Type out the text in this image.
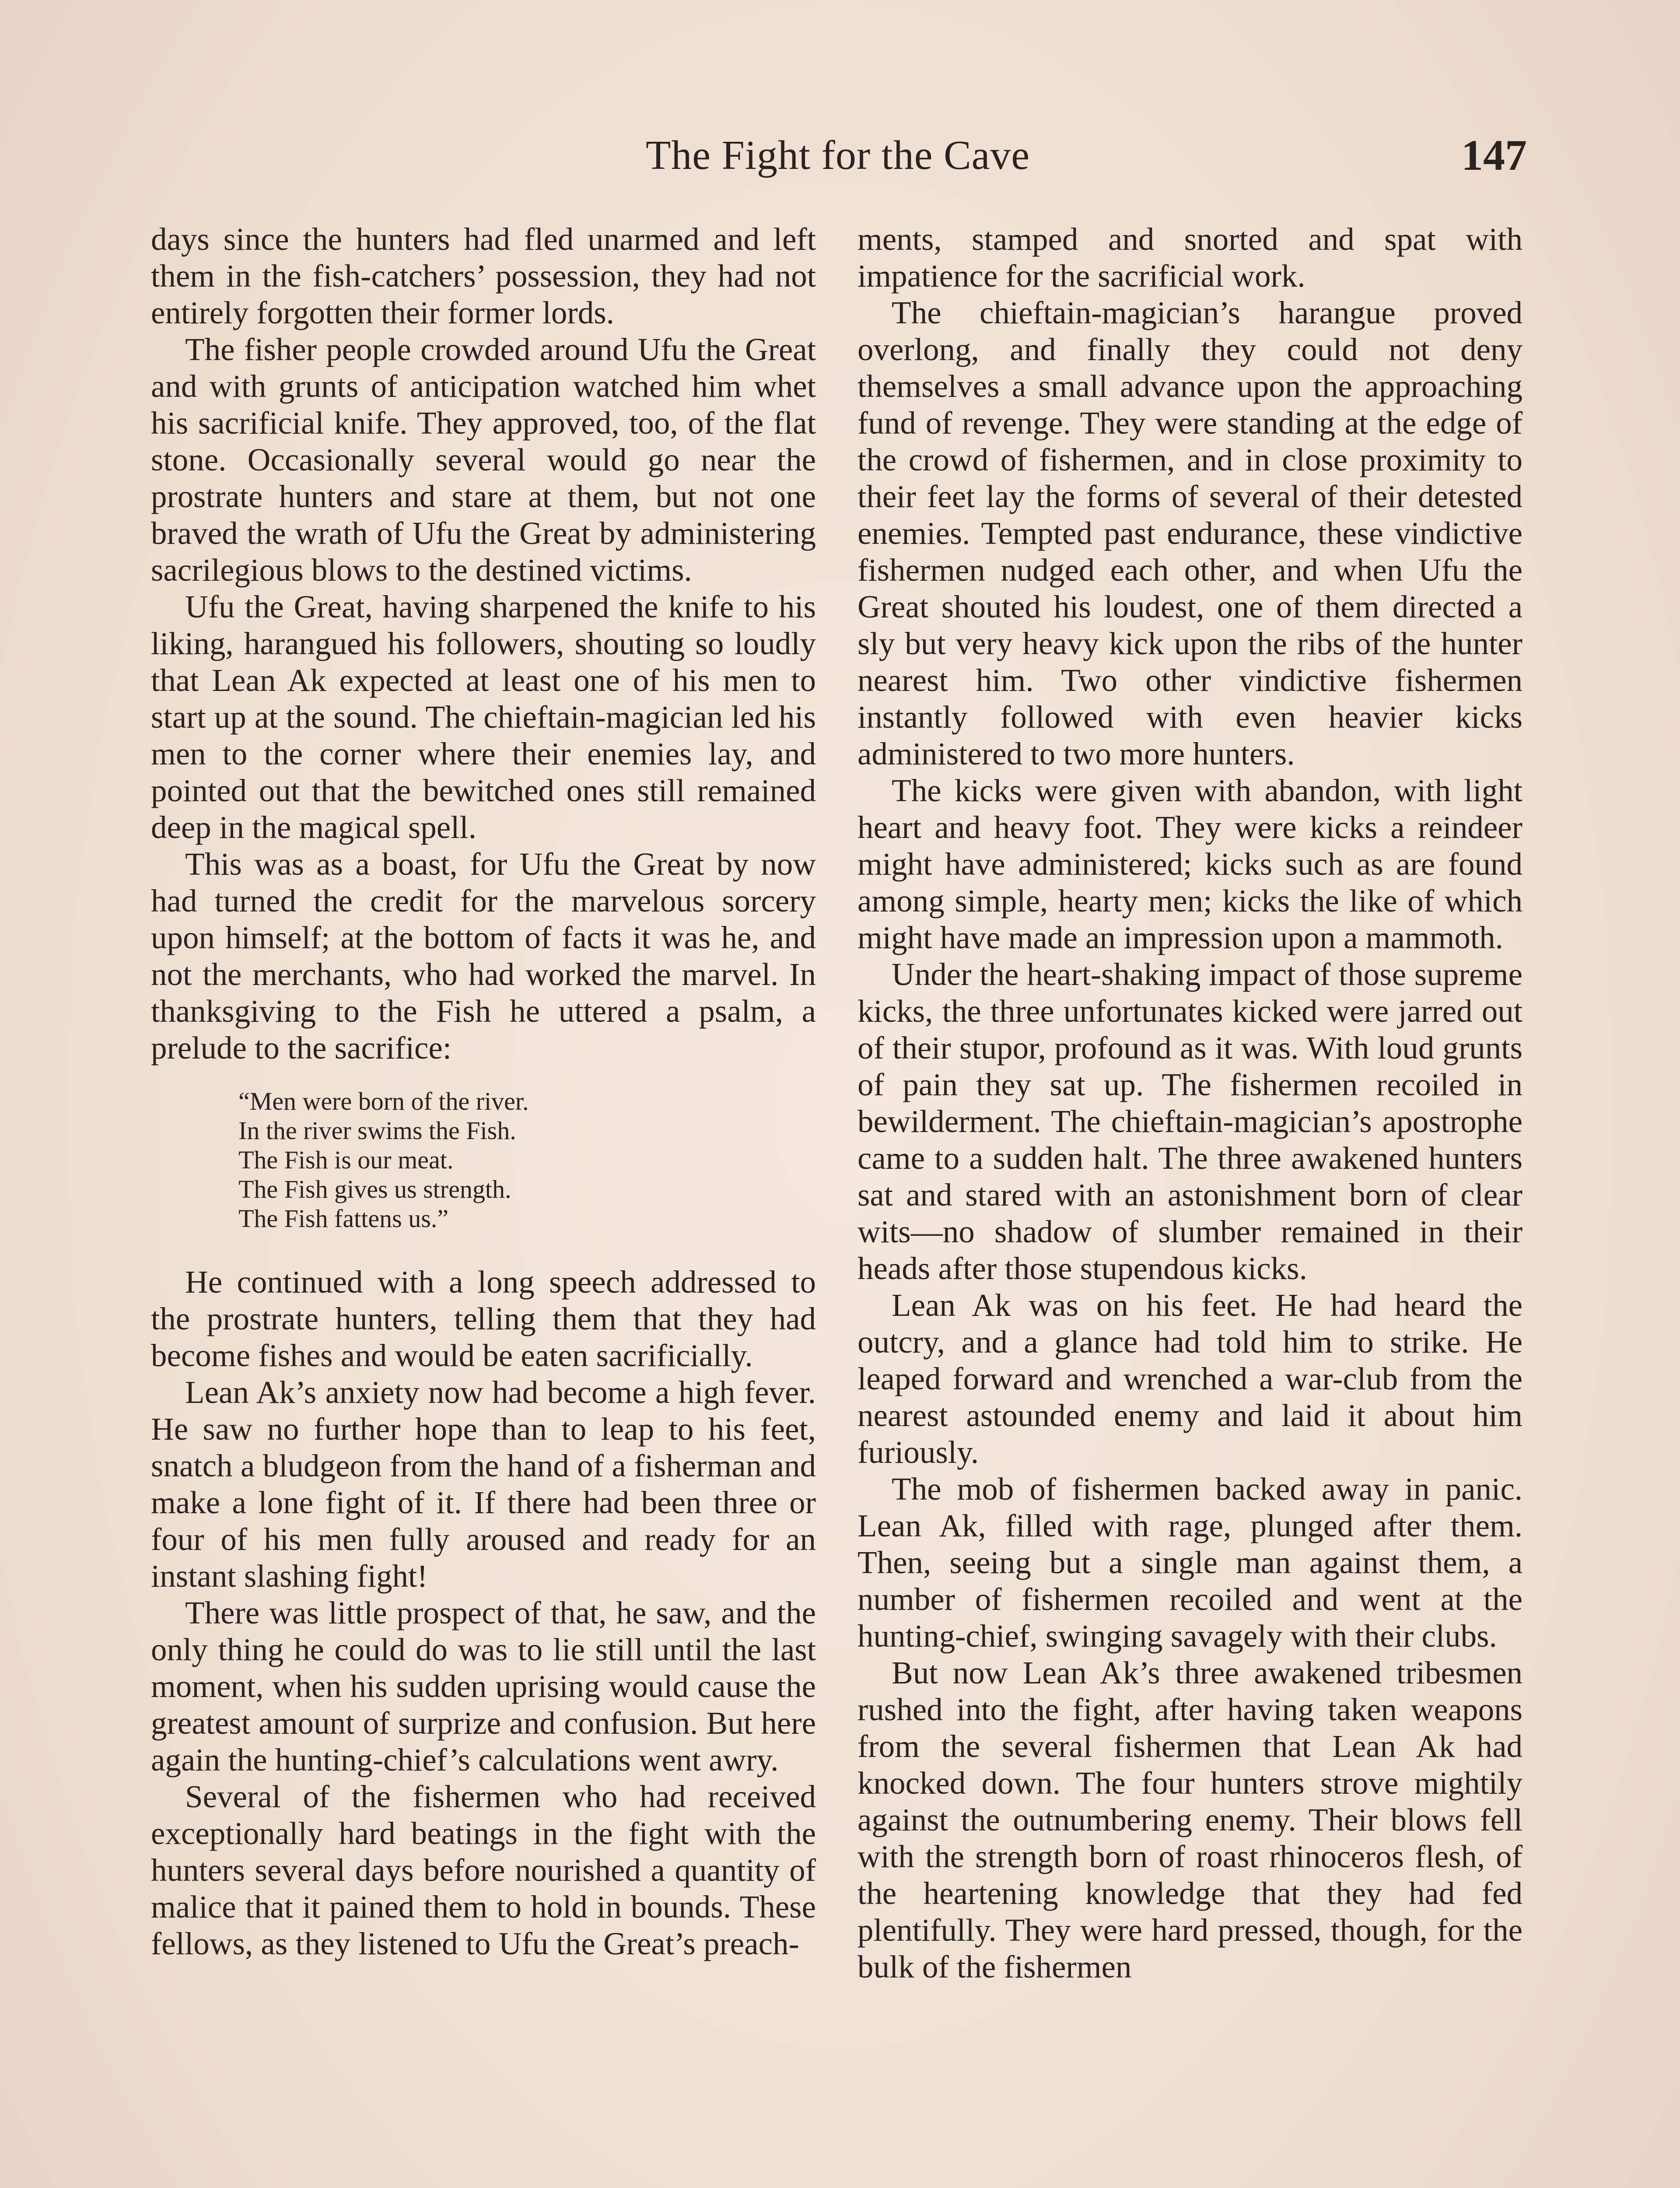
The Fight for the Cave	147

days since the hunters had fled unarmed and left them in the fish-catchers’ possession, they had not entirely forgotten their former lords.

The fisher people crowded around Ufu the Great and with grunts of anticipation watched him whet his sacrificial knife. They approved, too, of the flat stone. Occasionally several would go near the prostrate hunters and stare at them, but not one braved the wrath of Ufu the Great by administering sacrilegious blows to the destined victims.

Ufu the Great, having sharpened the knife to his liking, harangued his followers, shouting so loudly that Lean Ak expected at least one of his men to start up at the sound. The chieftain-magician led his men to the corner where their enemies lay, and pointed out that the bewitched ones still remained deep in the magical spell.

This was as a boast, for Ufu the Great by now had turned the credit for the marvelous sorcery upon himself; at the bottom of facts it was he, and not the merchants, who had worked the marvel. In thanksgiving to the Fish he uttered a psalm, a prelude to the sacrifice:

“Men were born of the river.
In the river swims the Fish.
The Fish is our meat.
The Fish gives us strength.
The Fish fattens us.”

He continued with a long speech addressed to the prostrate hunters, telling them that they had become fishes and would be eaten sacrificially.

Lean Ak’s anxiety now had become a high fever. He saw no further hope than to leap to his feet, snatch a bludgeon from the hand of a fisherman and make a lone fight of it. If there had been three or four of his men fully aroused and ready for an instant slashing fight!

There was little prospect of that, he saw, and the only thing he could do was to lie still until the last moment, when his sudden uprising would cause the greatest amount of surprize and confusion. But here again the hunting-chief’s calculations went awry.

Several of the fishermen who had received exceptionally hard beatings in the fight with the hunters several days before nourished a quantity of malice that it pained them to hold in bounds. These fellows, as they listened to Ufu the Great’s preach-

ments, stamped and snorted and spat with impatience for the sacrificial work.

The chieftain-magician’s harangue proved overlong, and finally they could not deny themselves a small advance upon the approaching fund of revenge. They were standing at the edge of the crowd of fishermen, and in close proximity to their feet lay the forms of several of their detested enemies. Tempted past endurance, these vindictive fishermen nudged each other, and when Ufu the Great shouted his loudest, one of them directed a sly but very heavy kick upon the ribs of the hunter nearest him. Two other vindictive fishermen instantly followed with even heavier kicks administered to two more hunters.

The kicks were given with abandon, with light heart and heavy foot. They were kicks a reindeer might have administered; kicks such as are found among simple, hearty men; kicks the like of which might have made an impression upon a mammoth.

Under the heart-shaking impact of those supreme kicks, the three unfortunates kicked were jarred out of their stupor, profound as it was. With loud grunts of pain they sat up. The fishermen recoiled in bewilderment. The chieftain-magician’s apostrophe came to a sudden halt. The three awakened hunters sat and stared with an astonishment born of clear wits—no shadow of slumber remained in their heads after those stupendous kicks.

Lean Ak was on his feet. He had heard the outcry, and a glance had told him to strike. He leaped forward and wrenched a war-club from the nearest astounded enemy and laid it about him furiously.

The mob of fishermen backed away in panic. Lean Ak, filled with rage, plunged after them. Then, seeing but a single man against them, a number of fishermen recoiled and went at the hunting-chief, swinging savagely with their clubs.

But now Lean Ak’s three awakened tribesmen rushed into the fight, after having taken weapons from the several fishermen that Lean Ak had knocked down. The four hunters strove mightily against the outnumbering enemy. Their blows fell with the strength born of roast rhinoceros flesh, of the heartening knowledge that they had fed plentifully. They were hard pressed, though, for the bulk of the fishermen
